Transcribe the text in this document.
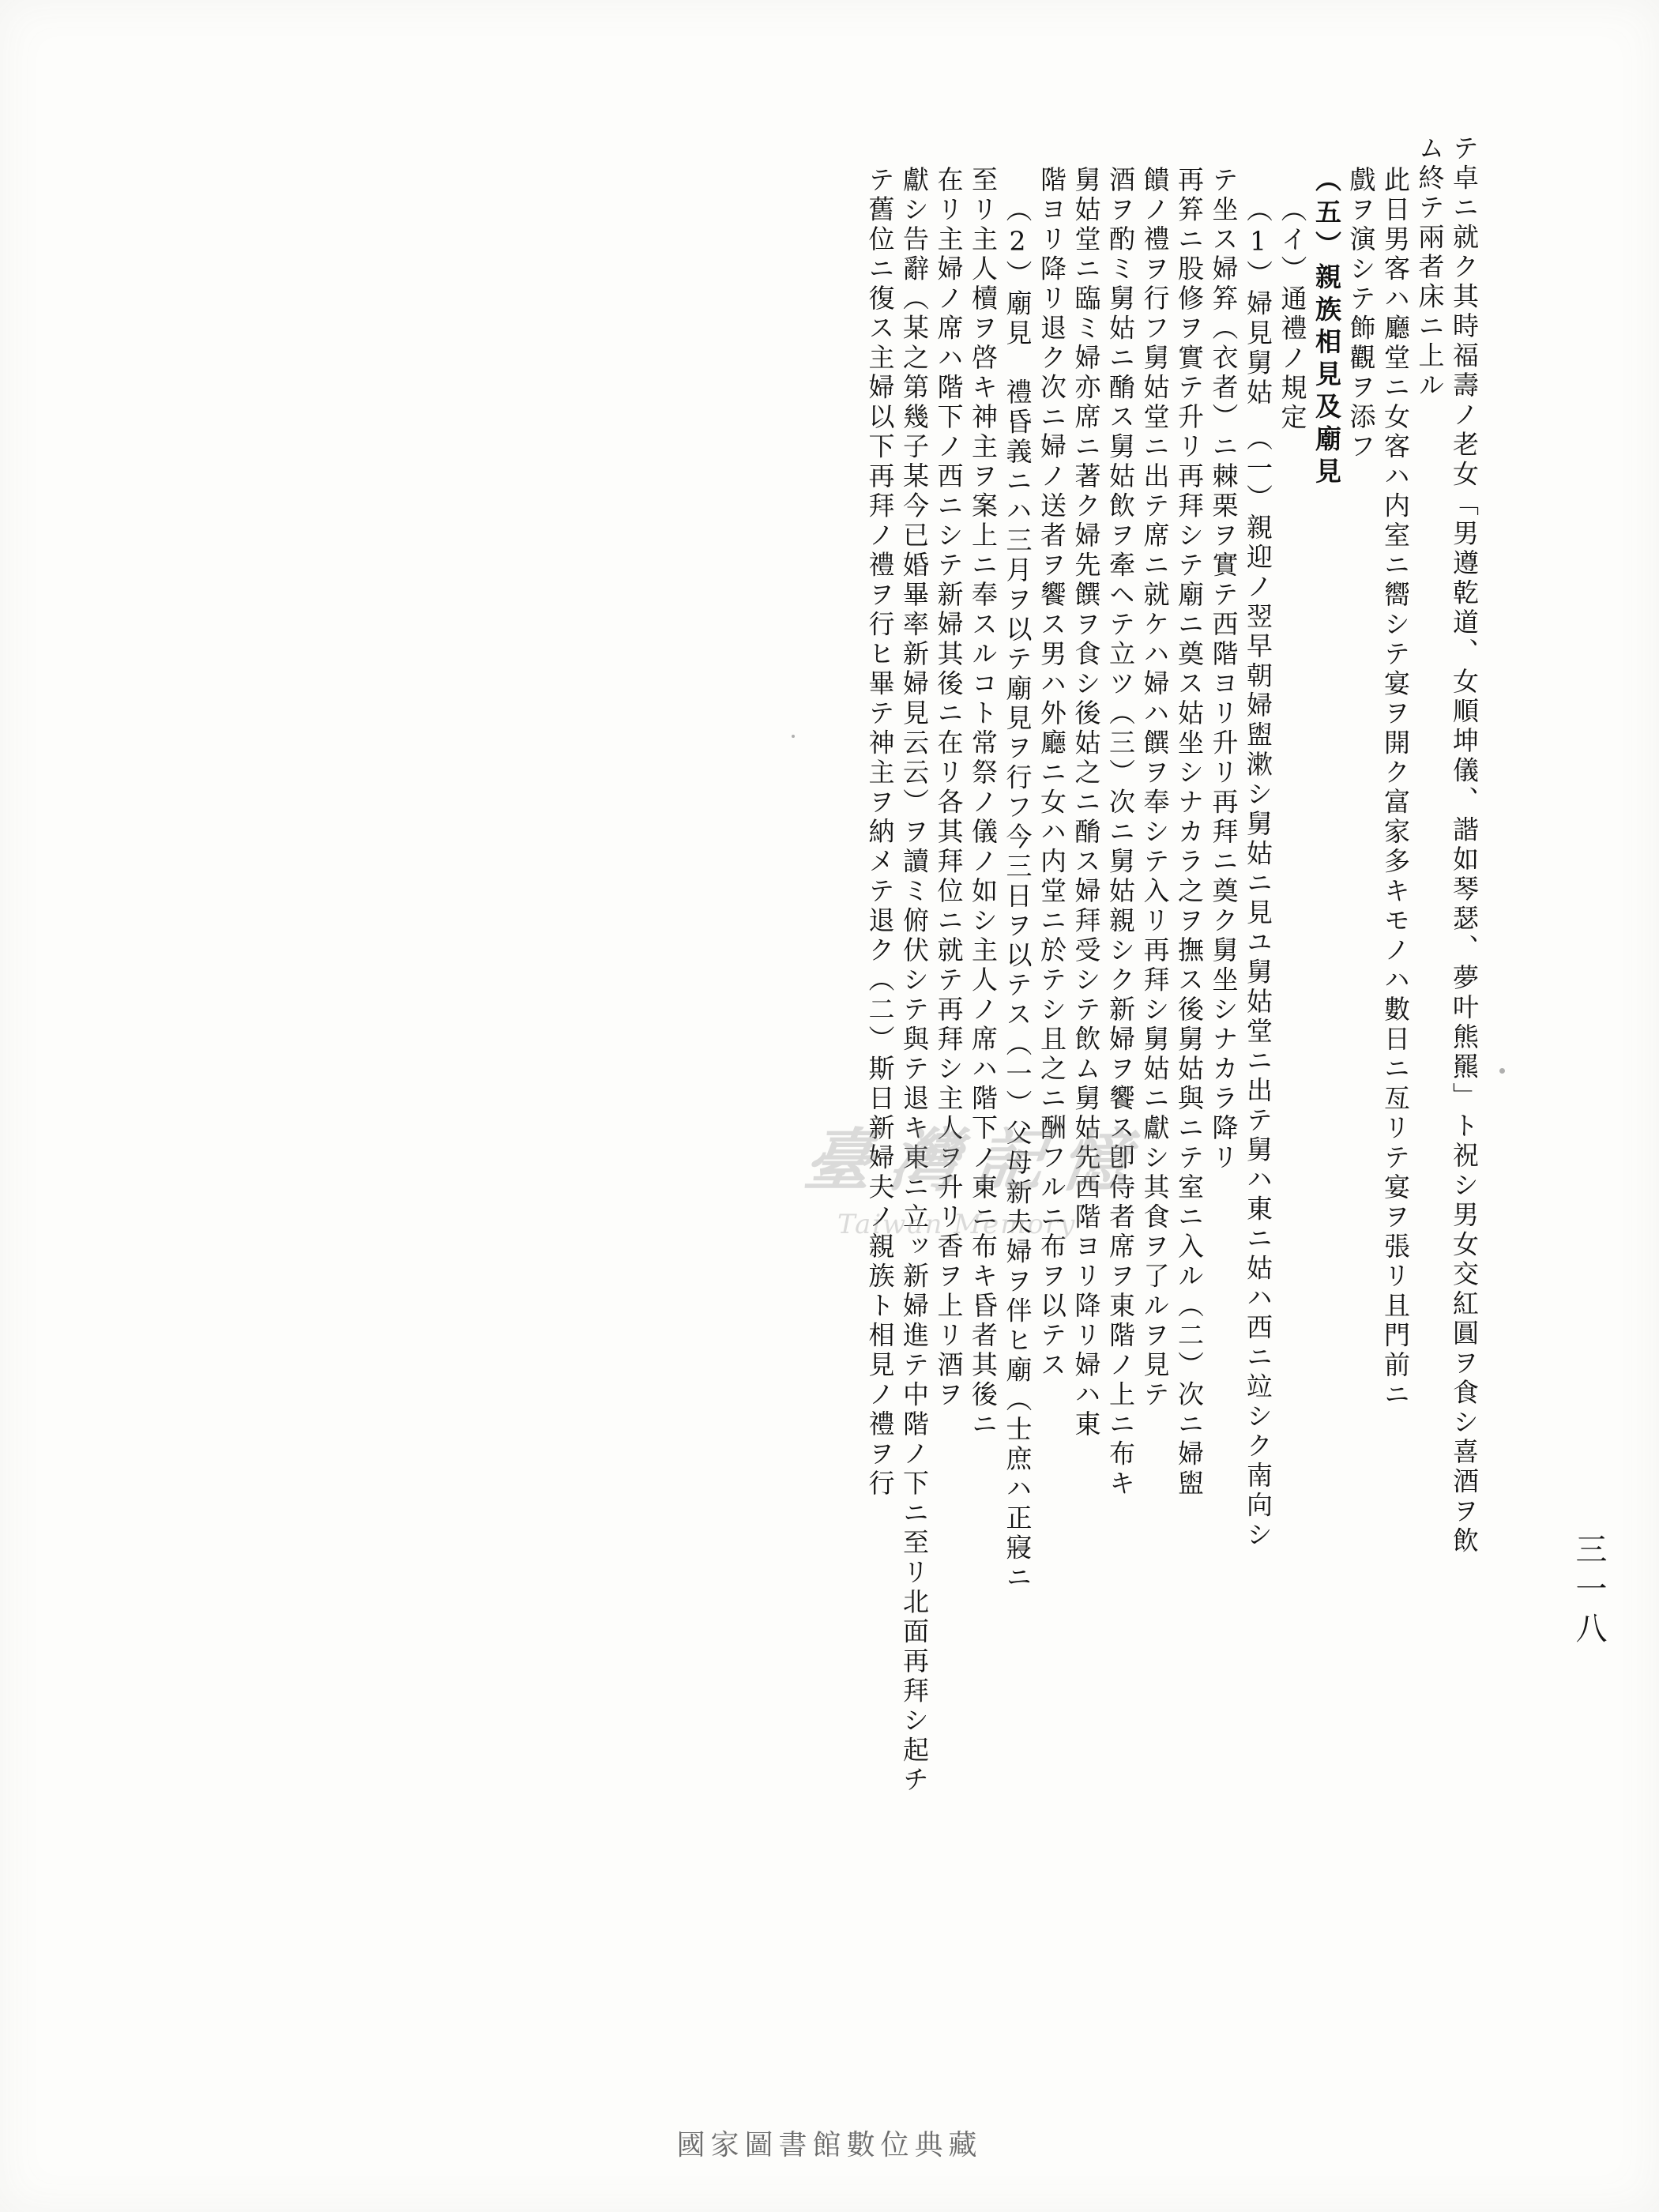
テ卓ニ就ク其時福壽ノ老女「男遵乾道、女順坤儀、諧如琴瑟、夢叶熊羆」ト祝シ男女交紅圓ヲ食シ喜酒ヲ飲
ム終テ兩者床ニ上ル
此日男客ハ廳堂ニ女客ハ内室ニ嚮シテ宴ヲ開ク富家多キモノハ數日ニ亙リテ宴ヲ張リ且門前ニ
戲ヲ演シテ飾觀ヲ添フ
（五）親族相見及廟見
（イ）通禮ノ規定
（1）婦見舅姑　（一）親迎ノ翌早朝婦盥漱シ舅姑ニ見ユ舅姑堂ニ出テ舅ハ東ニ姑ハ西ニ竝シク南向シ
テ坐ス婦笲（衣者）ニ棘栗ヲ實テ西階ヨリ升リ再拜ニ奠ク舅坐シナカラ降リ
再笲ニ股修ヲ實テ升リ再拜シテ廟ニ奠ス姑坐シナカラ之ヲ撫ス後舅姑與ニテ室ニ入ル（二）次ニ婦盥
饋ノ禮ヲ行フ舅姑堂ニ出テ席ニ就ケハ婦ハ饌ヲ奉シテ入リ再拜シ舅姑ニ獻シ其食ヲ了ルヲ見テ
酒ヲ酌ミ舅姑ニ酳ス舅姑飲ヲ牽ヘテ立ツ（三）次ニ舅姑親シク新婦ヲ饗ス卽侍者席ヲ東階ノ上ニ布キ
舅姑堂ニ臨ミ婦亦席ニ著ク婦先饌ヲ食シ後姑之ニ酳ス婦拜受シテ飲ム舅姑先西階ヨリ降リ婦ハ東
階ヨリ降リ退ク次ニ婦ノ送者ヲ饗ス男ハ外廳ニ女ハ内堂ニ於テシ且之ニ酬フルニ布ヲ以テス
（2）廟見　禮昏義ニハ三月ヲ以テ廟見ヲ行フ今三日ヲ以テス（一）父母新夫婦ヲ伴ヒ廟（士庶ハ正寢ニ
至リ主人櫝ヲ啓キ神主ヲ案上ニ奉スルコト常祭ノ儀ノ如シ主人ノ席ハ階下ノ東ニ布キ昏者其後ニ
在リ主婦ノ席ハ階下ノ西ニシテ新婦其後ニ在リ各其拜位ニ就テ再拜シ主人ヲ升リ香ヲ上リ酒ヲ
獻シ告辭（某之第幾子某今已婚畢率新婦見云云）ヲ讀ミ俯伏シテ與テ退キ東ニ立ッ新婦進テ中階ノ下ニ至リ北面再拜シ起チ
テ舊位ニ復ス主婦以下再拜ノ禮ヲ行ヒ畢テ神主ヲ納メテ退ク（二）斯日新婦夫ノ親族ト相見ノ禮ヲ行
三一八
臺灣記憶
Taiwan Memory
國家圖書館數位典藏
